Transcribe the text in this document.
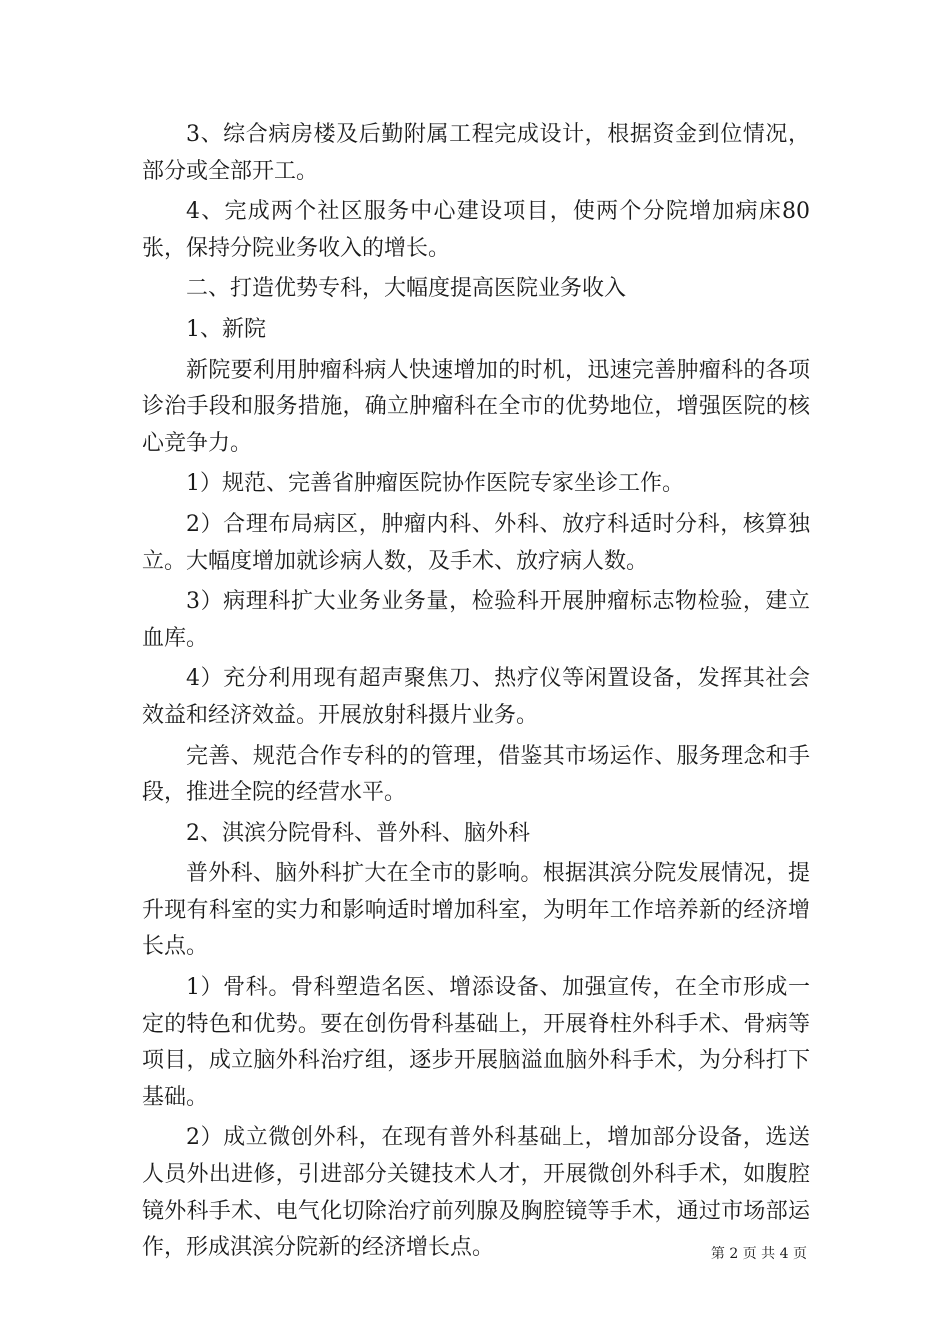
3、综合病房楼及后勤附属工程完成设计，根据资金到位情况，部分或全部开工。

4、完成两个社区服务中心建设项目，使两个分院增加病床80张，保持分院业务收入的增长。

二、打造优势专科，大幅度提高医院业务收入

1、新院

新院要利用肿瘤科病人快速增加的时机，迅速完善肿瘤科的各项诊治手段和服务措施，确立肿瘤科在全市的优势地位，增强医院的核心竞争力。

1）规范、完善省肿瘤医院协作医院专家坐诊工作。

2）合理布局病区，肿瘤内科、外科、放疗科适时分科，核算独立。大幅度增加就诊病人数，及手术、放疗病人数。

3）病理科扩大业务业务量，检验科开展肿瘤标志物检验，建立血库。

4）充分利用现有超声聚焦刀、热疗仪等闲置设备，发挥其社会效益和经济效益。开展放射科摄片业务。

完善、规范合作专科的的管理，借鉴其市场运作、服务理念和手段，推进全院的经营水平。

2、淇滨分院骨科、普外科、脑外科

普外科、脑外科扩大在全市的影响。根据淇滨分院发展情况，提升现有科室的实力和影响适时增加科室，为明年工作培养新的经济增长点。

1）骨科。骨科塑造名医、增添设备、加强宣传，在全市形成一定的特色和优势。要在创伤骨科基础上，开展脊柱外科手术、骨病等项目，成立脑外科治疗组，逐步开展脑溢血脑外科手术，为分科打下基础。

2）成立微创外科，在现有普外科基础上，增加部分设备，选送人员外出进修，引进部分关键技术人才，开展微创外科手术，如腹腔镜外科手术、电气化切除治疗前列腺及胸腔镜等手术，通过市场部运作，形成淇滨分院新的经济增长点。	第 2 页 共 4 页
